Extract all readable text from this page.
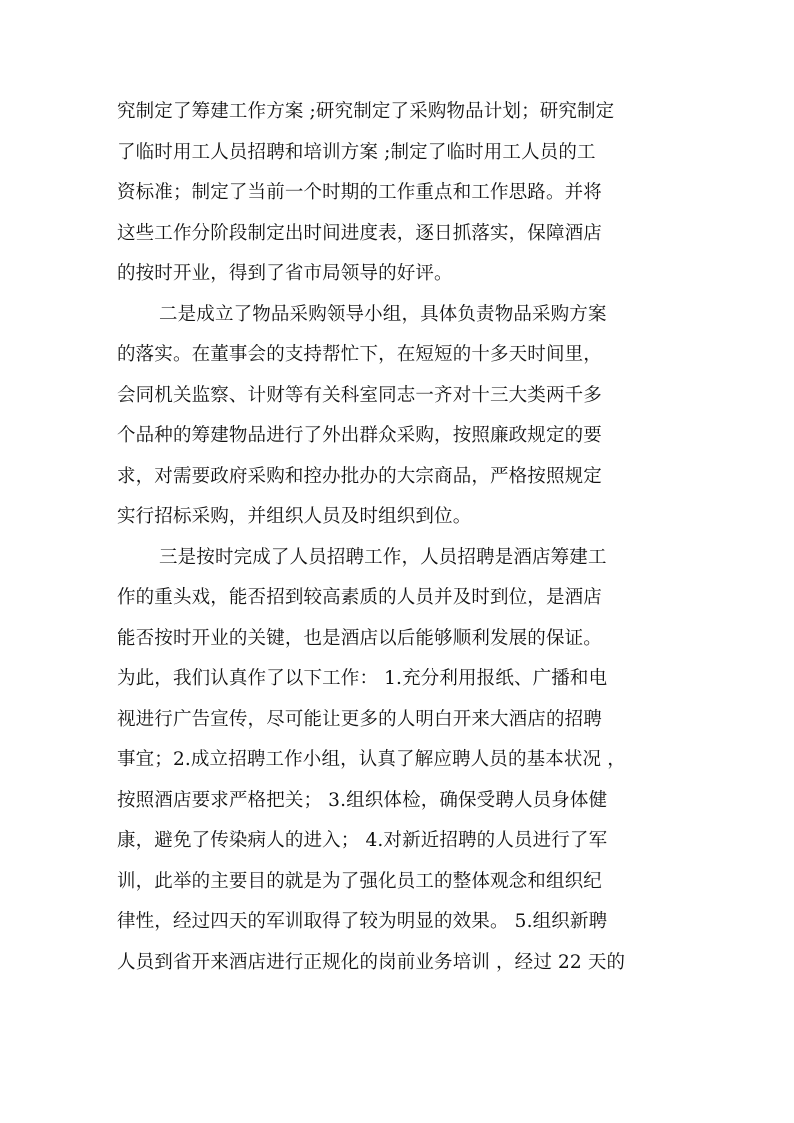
究制定了筹建工作方案 ;研究制定了采购物品计划；研究制定
了临时用工人员招聘和培训方案 ;制定了临时用工人员的工
资标准；制定了当前一个时期的工作重点和工作思路。并将
这些工作分阶段制定出时间进度表，逐日抓落实，保障酒店
的按时开业，得到了省市局领导的好评。
二是成立了物品采购领导小组，具体负责物品采购方案
的落实。在董事会的支持帮忙下，在短短的十多天时间里，
会同机关监察、计财等有关科室同志一齐对十三大类两千多
个品种的筹建物品进行了外出群众采购，按照廉政规定的要
求，对需要政府采购和控办批办的大宗商品，严格按照规定
实行招标采购，并组织人员及时组织到位。
三是按时完成了人员招聘工作，人员招聘是酒店筹建工
作的重头戏，能否招到较高素质的人员并及时到位，是酒店
能否按时开业的关键，也是酒店以后能够顺利发展的保证。
为此，我们认真作了以下工作： 1.充分利用报纸、广播和电
视进行广告宣传，尽可能让更多的人明白开来大酒店的招聘
事宜；2.成立招聘工作小组，认真了解应聘人员的基本状况 ，
按照酒店要求严格把关； 3.组织体检，确保受聘人员身体健
康，避免了传染病人的进入； 4.对新近招聘的人员进行了军
训，此举的主要目的就是为了强化员工的整体观念和组织纪
律性，经过四天的军训取得了较为明显的效果。 5.组织新聘
人员到省开来酒店进行正规化的岗前业务培训 ，经过 22 天的
